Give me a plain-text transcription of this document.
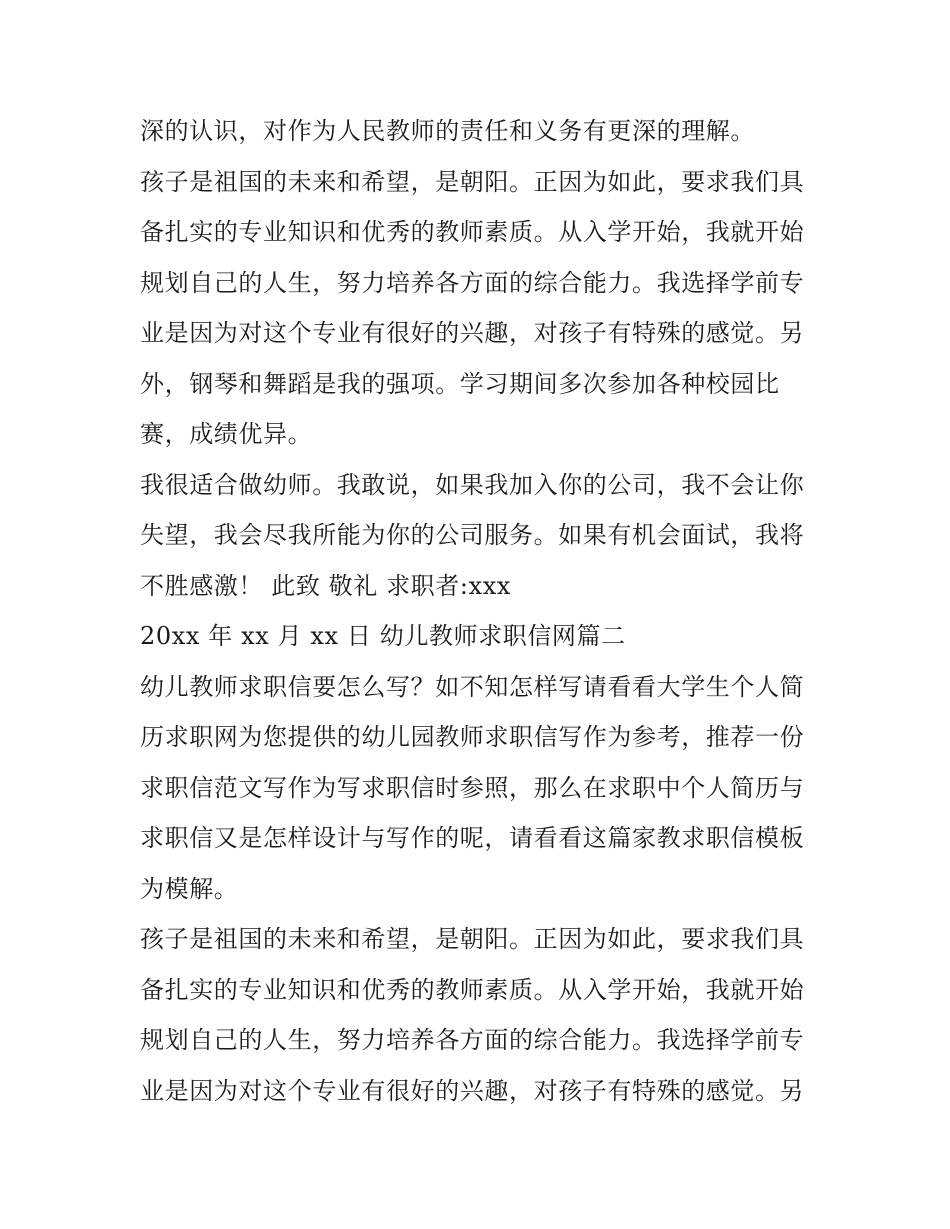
深的认识，对作为人民教师的责任和义务有更深的理解。
孩子是祖国的未来和希望，是朝阳。正因为如此，要求我们具
备扎实的专业知识和优秀的教师素质。从入学开始，我就开始
规划自己的人生，努力培养各方面的综合能力。我选择学前专
业是因为对这个专业有很好的兴趣，对孩子有特殊的感觉。另
外，钢琴和舞蹈是我的强项。学习期间多次参加各种校园比
赛，成绩优异。
我很适合做幼师。我敢说，如果我加入你的公司，我不会让你
失望，我会尽我所能为你的公司服务。如果有机会面试，我将
不胜感激！ 此致 敬礼 求职者:xxx
20xx 年 xx 月 xx 日 幼儿教师求职信网篇二
幼儿教师求职信要怎么写？如不知怎样写请看看大学生个人简
历求职网为您提供的幼儿园教师求职信写作为参考，推荐一份
求职信范文写作为写求职信时参照，那么在求职中个人简历与
求职信又是怎样设计与写作的呢，请看看这篇家教求职信模板
为模解。
孩子是祖国的未来和希望，是朝阳。正因为如此，要求我们具
备扎实的专业知识和优秀的教师素质。从入学开始，我就开始
规划自己的人生，努力培养各方面的综合能力。我选择学前专
业是因为对这个专业有很好的兴趣，对孩子有特殊的感觉。另
